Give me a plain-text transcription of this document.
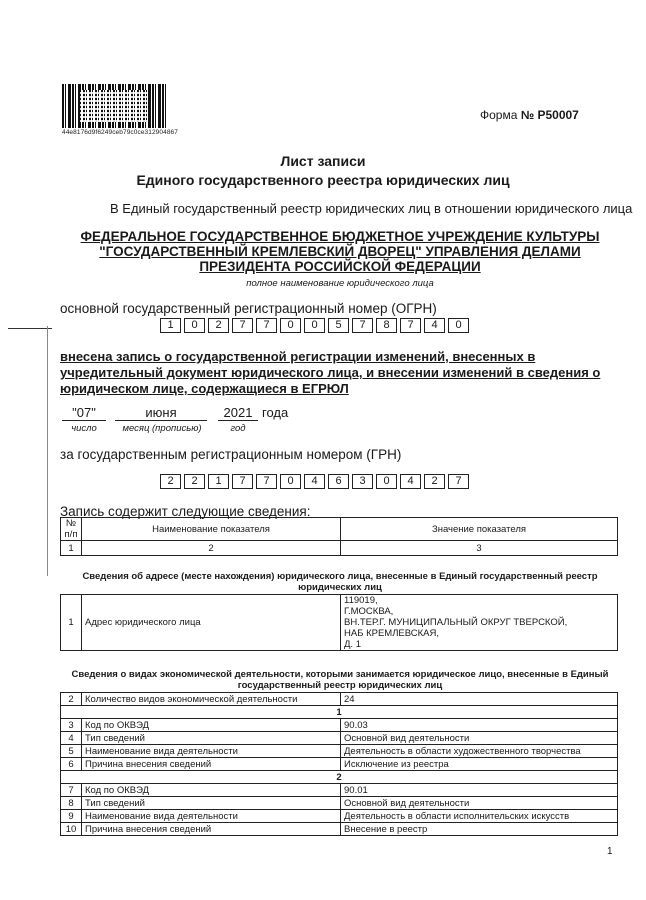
44e8176d9f6249ceb79c0ce312904867
Форма № Р50007
Лист записи
Единого государственного реестра юридических лиц
В Единый государственный реестр юридических лиц в отношении юридического лица
ФЕДЕРАЛЬНОЕ ГОСУДАРСТВЕННОЕ БЮДЖЕТНОЕ УЧРЕЖДЕНИЕ КУЛЬТУРЫ "ГОСУДАРСТВЕННЫЙ КРЕМЛЕВСКИЙ ДВОРЕЦ" УПРАВЛЕНИЯ ДЕЛАМИ ПРЕЗИДЕНТА РОССИЙСКОЙ ФЕДЕРАЦИИ
полное наименование юридического лица
основной государственный регистрационный номер (ОГРН)
1	0	2	7	7	0	0	5	7	8	7	4	0
внесена запись о государственной регистрации изменений, внесенных в учредительный документ юридического лица, и внесении изменений в сведения о юридическом лице, содержащиеся в ЕГРЮЛ
"07"	июня	2021 года
число	месяц (прописью)	год
за государственным регистрационным номером (ГРН)
2	2	1	7	7	0	4	6	3	0	4	2	7
Запись содержит следующие сведения:
№ п/п	Наименование показателя	Значение показателя
1	2	3
Сведения об адресе (месте нахождения) юридического лица, внесенные в Единый государственный реестр юридических лиц
1	Адрес юридического лица	
119019,
Г.МОСКВА,
ВН.ТЕР.Г. МУНИЦИПАЛЬНЫЙ ОКРУГ ТВЕРСКОЙ,
НАБ КРЕМЛЕВСКАЯ,
Д. 1
Сведения о видах экономической деятельности, которыми занимается юридическое лицо, внесенные в Единый государственный реестр юридических лиц
2	Количество видов экономической деятельности	24
1		
3	Код по ОКВЭД	90.03
4	Тип сведений	Основной вид деятельности
5	Наименование вида деятельности	Деятельность в области художественного творчества
6	Причина внесения сведений	Исключение из реестра
2		
7	Код по ОКВЭД	90.01
8	Тип сведений	Основной вид деятельности
9	Наименование вида деятельности	Деятельность в области исполнительских искусств
10	Причина внесения сведений	Внесение в реестр
1
